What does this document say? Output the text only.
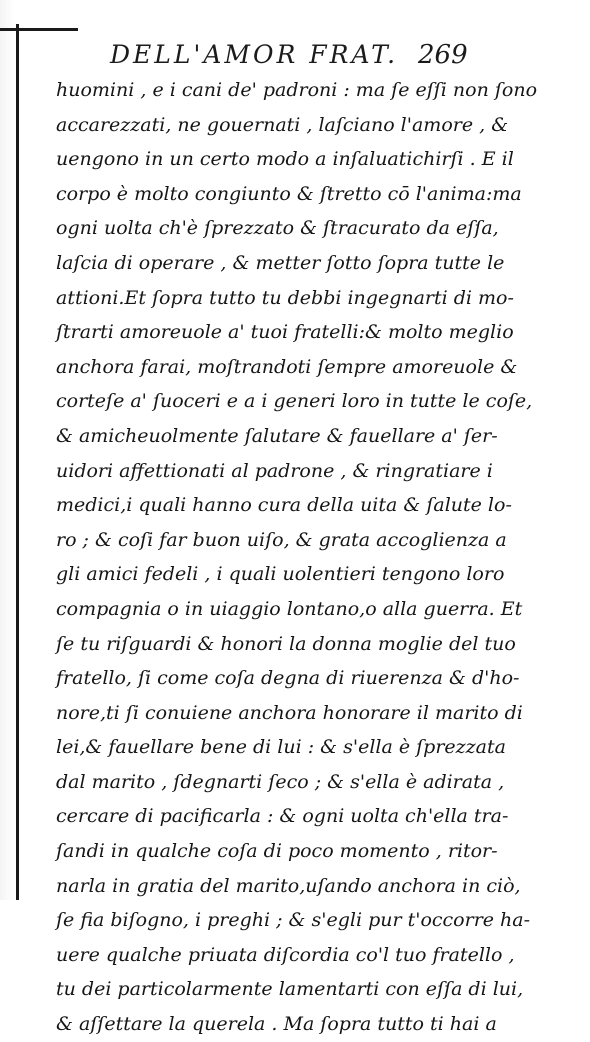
DELL'AMOR FRAT. 269
huomini , e i cani de' padroni : ma ſe eſſi non ſono
accarezzati, ne gouernati , laſciano l'amore , &
uengono in un certo modo a inſaluatichirſi . E il
corpo è molto congiunto & ſtretto cō l'anima:ma
ogni uolta ch'è ſprezzato & ſtracurato da eſſa,
laſcia di operare , & metter ſotto ſopra tutte le
attioni.Et ſopra tutto tu debbi ingegnarti di mo-
ſtrarti amoreuole a' tuoi fratelli:& molto meglio
anchora farai, moſtrandoti ſempre amoreuole &
corteſe a' ſuoceri e a i generi loro in tutte le coſe,
& amicheuolmente ſalutare & fauellare a' ſer-
uidori affettionati al padrone , & ringratiare i
medici,i quali hanno cura della uita & ſalute lo-
ro ; & coſi far buon uiſo, & grata accoglienza a
gli amici fedeli , i quali uolentieri tengono loro
compagnia o in uiaggio lontano,o alla guerra. Et
ſe tu riſguardi & honori la donna moglie del tuo
fratello, ſi come coſa degna di riuerenza & d'ho-
nore,ti ſi conuiene anchora honorare il marito di
lei,& fauellare bene di lui : & s'ella è ſprezzata
dal marito , ſdegnarti ſeco ; & s'ella è adirata ,
cercare di pacificarla : & ogni uolta ch'ella tra-
ſandi in qualche coſa di poco momento , ritor-
narla in gratia del marito,uſando anchora in ciò,
ſe fia biſogno, i preghi ; & s'egli pur t'occorre ha-
uere qualche priuata diſcordia co'l tuo fratello ,
tu dei particolarmente lamentarti con eſſa di lui,
& aſſettare la querela . Ma ſopra tutto ti hai a
